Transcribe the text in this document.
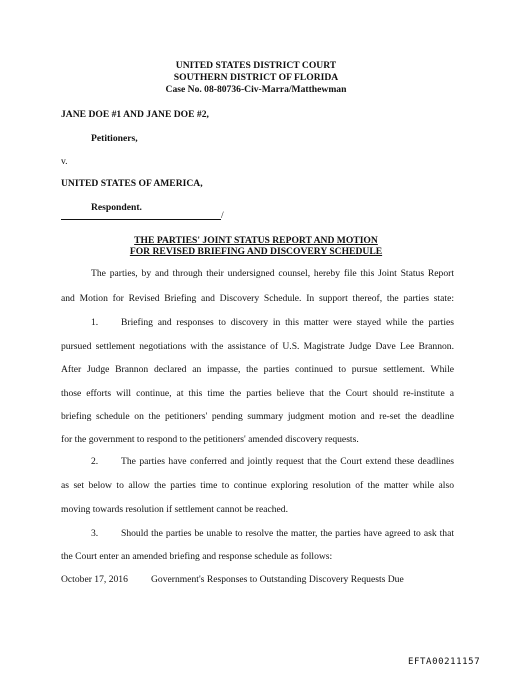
UNITED STATES DISTRICT COURT
SOUTHERN DISTRICT OF FLORIDA
Case No. 08-80736-Civ-Marra/Matthewman
JANE DOE #1 AND JANE DOE #2,
Petitioners,
v.
UNITED STATES OF AMERICA,
Respondent.
/
THE PARTIES' JOINT STATUS REPORT AND MOTION
FOR REVISED BRIEFING AND DISCOVERY SCHEDULE
The parties, by and through their undersigned counsel, hereby file this Joint Status Report
and Motion for Revised Briefing and Discovery Schedule. In support thereof, the parties state:
1. Briefing and responses to discovery in this matter were stayed while the parties
pursued settlement negotiations with the assistance of U.S. Magistrate Judge Dave Lee Brannon.
After Judge Brannon declared an impasse, the parties continued to pursue settlement. While
those efforts will continue, at this time the parties believe that the Court should re-institute a
briefing schedule on the petitioners' pending summary judgment motion and re-set the deadline
for the government to respond to the petitioners' amended discovery requests.
2. The parties have conferred and jointly request that the Court extend these deadlines
as set below to allow the parties time to continue exploring resolution of the matter while also
moving towards resolution if settlement cannot be reached.
3. Should the parties be unable to resolve the matter, the parties have agreed to ask that
the Court enter an amended briefing and response schedule as follows:
October 17, 2016 Government's Responses to Outstanding Discovery Requests Due
EFTA00211157
